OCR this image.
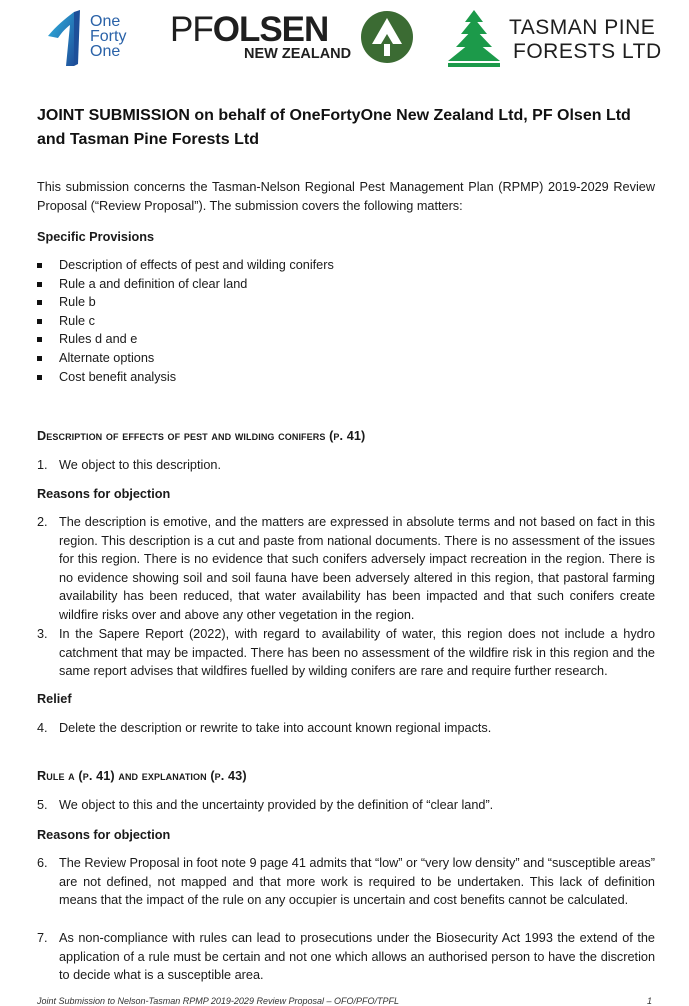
One
Forty
One
PFOLSEN
NEW ZEALAND
TASMAN PINE
FORESTS LTD
JOINT SUBMISSION on behalf of OneFortyOne New Zealand Ltd, PF Olsen Ltd and Tasman Pine Forests Ltd
This submission concerns the Tasman-Nelson Regional Pest Management Plan (RPMP) 2019-2029 Review Proposal (“Review Proposal”). The submission covers the following matters:
Specific Provisions
Description of effects of pest and wilding conifers
Rule a and definition of clear land
Rule b
Rule c
Rules d and e
Alternate options
Cost benefit analysis
Description of effects of pest and wilding conifers (p. 41)
1. We object to this description.
Reasons for objection
2. The description is emotive, and the matters are expressed in absolute terms and not based on fact in this region. This description is a cut and paste from national documents. There is no assessment of the issues for this region. There is no evidence that such conifers adversely impact recreation in the region. There is no evidence showing soil and soil fauna have been adversely altered in this region, that pastoral farming availability has been reduced, that water availability has been impacted and that such conifers create wildfire risks over and above any other vegetation in the region.
3. In the Sapere Report (2022), with regard to availability of water, this region does not include a hydro catchment that may be impacted. There has been no assessment of the wildfire risk in this region and the same report advises that wildfires fuelled by wilding conifers are rare and require further research.
Relief
4. Delete the description or rewrite to take into account known regional impacts.
Rule a (p. 41) and explanation (p. 43)
5. We object to this and the uncertainty provided by the definition of “clear land”.
Reasons for objection
6. The Review Proposal in foot note 9 page 41 admits that “low” or “very low density” and “susceptible areas” are not defined, not mapped and that more work is required to be undertaken. This lack of definition means that the impact of the rule on any occupier is uncertain and cost benefits cannot be calculated.
7. As non-compliance with rules can lead to prosecutions under the Biosecurity Act 1993 the extend of the application of a rule must be certain and not one which allows an authorised person to have the discretion to decide what is a susceptible area.
Joint Submission to Nelson-Tasman RPMP 2019-2029 Review Proposal – OFO/PFO/TPFL	1
